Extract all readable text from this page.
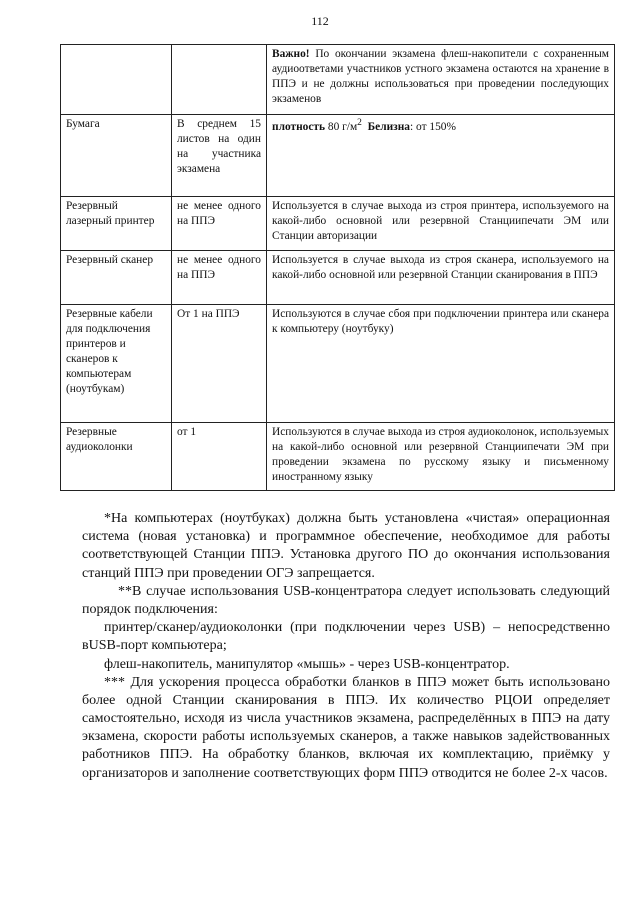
112
		Важно! По окончании экзамена флеш-накопители с сохраненным аудиоответами участников устного экзамена остаются на хранение в ППЭ и не должны использоваться при проведении последующих экзаменов
Бумага	В среднем 15 листов на один на участника экзамена	плотность 80 $г/м^2$ Белизна: от 150%
Резервный лазерный принтер	не менее одного на ППЭ	Используется в случае выхода из строя принтера, используемого на какой-либо основной или резервной Станциипечати ЭМ или Станции авторизации
Резервный сканер	не менее одного на ППЭ	Используется в случае выхода из строя сканера, используемого на какой-либо основной или резервной Станции сканирования в ППЭ
Резервные кабели для подключения принтеров и сканеров к компьютерам (ноутбукам)	От 1 на ППЭ	Используются в случае сбоя при подключении принтера или сканера к компьютеру (ноутбуку)
Резервные аудиоколонки	от 1	Используются в случае выхода из строя аудиоколонок, используемых на какой-либо основной или резервной Станциипечати ЭМ при проведении экзамена по русскому языку и письменному иностранному языку

*На компьютерах (ноутбуках) должна быть установлена «чистая» операционная система (новая установка) и программное обеспечение, необходимое для работы соответствующей Станции ППЭ. Установка другого ПО до окончания использования станций ППЭ при проведении ОГЭ запрещается.

**В случае использования USB-концентратора следует использовать следующий порядок подключения:

принтер/сканер/аудиоколонки (при подключении через USB) – непосредственно вUSB-порт компьютера;

флеш-накопитель, манипулятор «мышь» - через USB-концентратор.

*** Для ускорения процесса обработки бланков в ППЭ может быть использовано более одной Станции сканирования в ППЭ. Их количество РЦОИ определяет самостоятельно, исходя из числа участников экзамена, распределённых в ППЭ на дату экзамена, скорости работы используемых сканеров, а также навыков задействованных работников ППЭ. На обработку бланков, включая их комплектацию, приёмку у организаторов и заполнение соответствующих форм ППЭ отводится не более 2-х часов.
